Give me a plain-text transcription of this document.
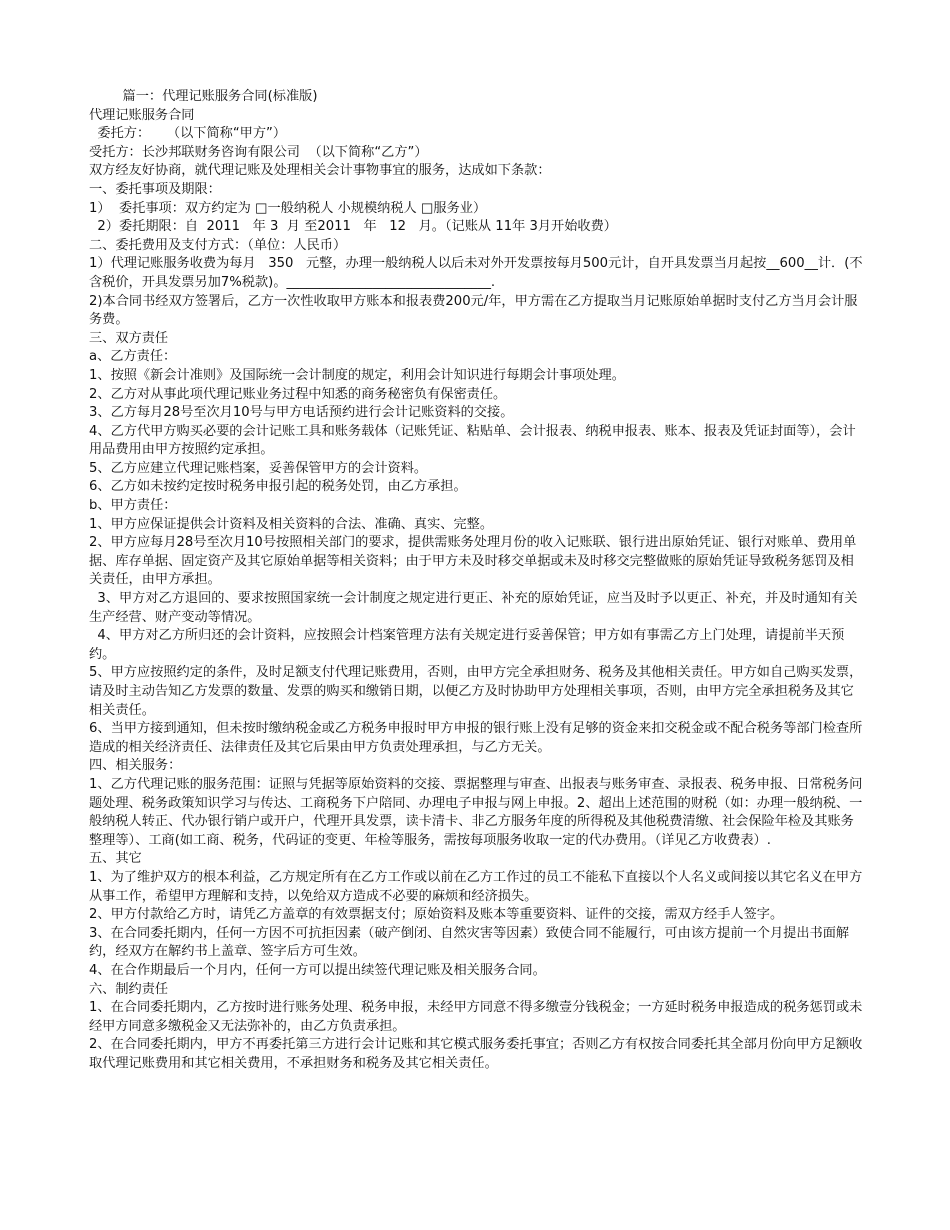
篇一：代理记账服务合同(标准版)

代理记账服务合同

委托方：    （以下简称“甲方”）

受托方：长沙邦联财务咨询有限公司  （以下简称“乙方”）

双方经友好协商，就代理记账及处理相关会计事物事宜的服务，达成如下条款：

一、委托事项及期限：

1）  委托事项：双方约定为 □一般纳税人 小规模纳税人 □服务业）

2）委托期限：自  2011   年 3  月 至2011   年   12   月。（记账从 11年 3月开始收费）

二、委托费用及支付方式：（单位：人民币）

1）代理记账服务收费为每月   350   元整，办理一般纳税人以后未对外开发票按每月500元计，自开具发票当月起按__600__计．(不含税价，开具发票另加7%税款)。_______________________________.

2)本合同书经双方签署后，乙方一次性收取甲方账本和报表费200元/年，甲方需在乙方提取当月记账原始单据时支付乙方当月会计服务费。

三、双方责任

a、乙方责任：

1、按照《新会计准则》及国际统一会计制度的规定，利用会计知识进行每期会计事项处理。

2、乙方对从事此项代理记账业务过程中知悉的商务秘密负有保密责任。

3、乙方每月28号至次月10号与甲方电话预约进行会计记账资料的交接。

4、乙方代甲方购买必要的会计记账工具和账务载体（记账凭证、粘贴单、会计报表、纳税申报表、账本、报表及凭证封面等），会计用品费用由甲方按照约定承担。

5、乙方应建立代理记账档案，妥善保管甲方的会计资料。

6、乙方如未按约定按时税务申报引起的税务处罚，由乙方承担。

b、甲方责任：

1、甲方应保证提供会计资料及相关资料的合法、准确、真实、完整。

2、甲方应每月28号至次月10号按照相关部门的要求，提供需账务处理月份的收入记账联、银行进出原始凭证、银行对账单、费用单据、库存单据、固定资产及其它原始单据等相关资料；由于甲方未及时移交单据或未及时移交完整做账的原始凭证导致税务惩罚及相关责任，由甲方承担。

3、甲方对乙方退回的、要求按照国家统一会计制度之规定进行更正、补充的原始凭证，应当及时予以更正、补充，并及时通知有关生产经营、财产变动等情况。

4、甲方对乙方所归还的会计资料，应按照会计档案管理方法有关规定进行妥善保管；甲方如有事需乙方上门处理，请提前半天预约。

5、甲方应按照约定的条件，及时足额支付代理记账费用，否则，由甲方完全承担财务、税务及其他相关责任。甲方如自己购买发票，请及时主动告知乙方发票的数量、发票的购买和缴销日期，以便乙方及时协助甲方处理相关事项，否则，由甲方完全承担税务及其它相关责任。

6、当甲方接到通知，但未按时缴纳税金或乙方税务申报时甲方申报的银行账上没有足够的资金来扣交税金或不配合税务等部门检查所造成的相关经济责任、法律责任及其它后果由甲方负责处理承担，与乙方无关。

四、相关服务：

1、乙方代理记账的服务范围：证照与凭据等原始资料的交接、票据整理与审查、出报表与账务审查、录报表、税务申报、日常税务问题处理、税务政策知识学习与传达、工商税务下户陪同、办理电子申报与网上申报。2、超出上述范围的财税（如：办理一般纳税、一般纳税人转正、代办银行销户或开户，代理开具发票，读卡清卡、非乙方服务年度的所得税及其他税费清缴、社会保险年检及其账务整理等）、工商(如工商、税务，代码证的变更、年检等服务，需按每项服务收取一定的代办费用。（详见乙方收费表）.

五、其它

1、为了维护双方的根本利益，乙方规定所有在乙方工作或以前在乙方工作过的员工不能私下直接以个人名义或间接以其它名义在甲方从事工作，希望甲方理解和支持，以免给双方造成不必要的麻烦和经济损失。

2、甲方付款给乙方时，请凭乙方盖章的有效票据支付；原始资料及账本等重要资料、证件的交接，需双方经手人签字。

3、在合同委托期内，任何一方因不可抗拒因素（破产倒闭、自然灾害等因素）致使合同不能履行，可由该方提前一个月提出书面解约，经双方在解约书上盖章、签字后方可生效。

4、在合作期最后一个月内，任何一方可以提出续签代理记账及相关服务合同。

六、制约责任

1、在合同委托期内，乙方按时进行账务处理、税务申报，未经甲方同意不得多缴壹分钱税金；一方延时税务申报造成的税务惩罚或未经甲方同意多缴税金又无法弥补的，由乙方负责承担。

2、在合同委托期内，甲方不再委托第三方进行会计记账和其它模式服务委托事宜；否则乙方有权按合同委托其全部月份向甲方足额收取代理记账费用和其它相关费用，不承担财务和税务及其它相关责任。
